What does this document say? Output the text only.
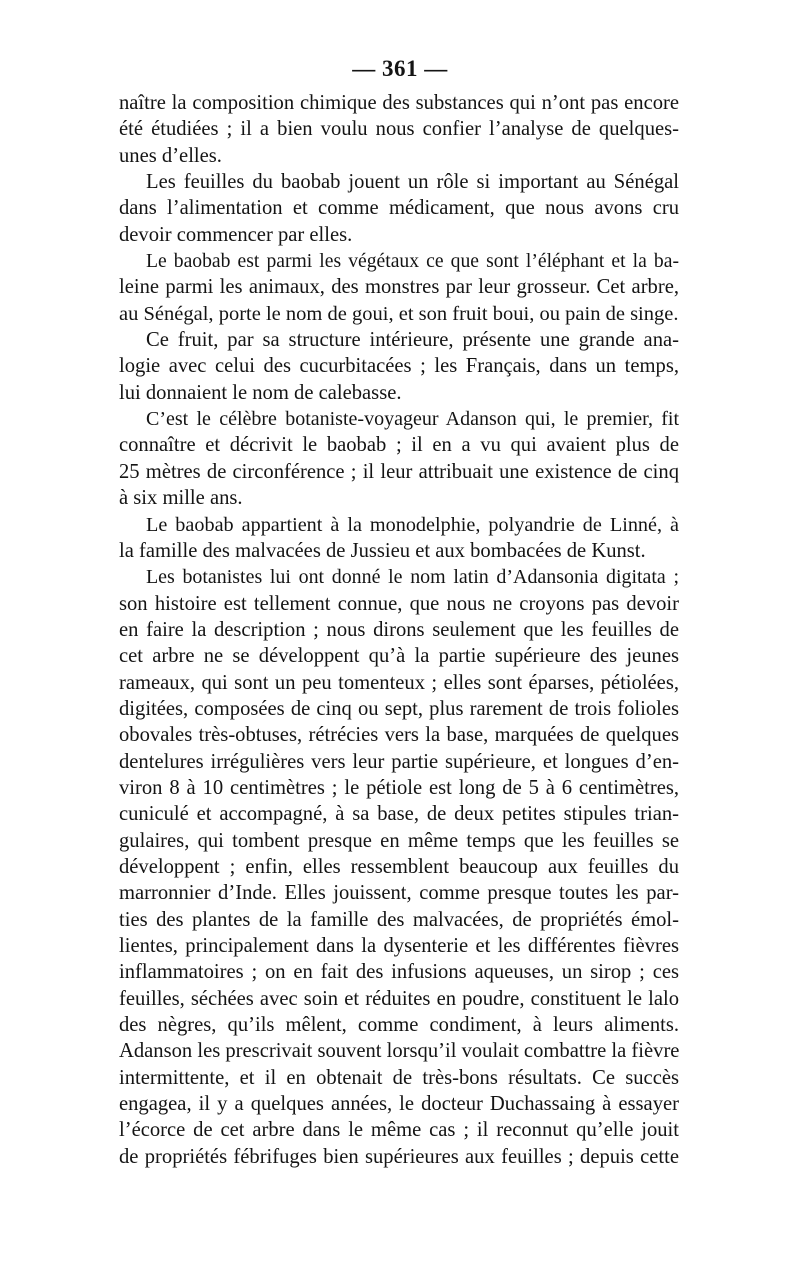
— 361 —
naître la composition chimique des substances qui n’ont pas encore
été étudiées ; il a bien voulu nous confier l’analyse de quelques-
unes d’elles.
Les feuilles du baobab jouent un rôle si important au Sénégal
dans l’alimentation et comme médicament, que nous avons cru
devoir commencer par elles.
Le baobab est parmi les végétaux ce que sont l’éléphant et la ba-
leine parmi les animaux, des monstres par leur grosseur. Cet arbre,
au Sénégal, porte le nom de goui, et son fruit boui, ou pain de singe.
Ce fruit, par sa structure intérieure, présente une grande ana-
logie avec celui des cucurbitacées ; les Français, dans un temps,
lui donnaient le nom de calebasse.
C’est le célèbre botaniste-voyageur Adanson qui, le premier, fit
connaître et décrivit le baobab ; il en a vu qui avaient plus de
25 mètres de circonférence ; il leur attribuait une existence de cinq
à six mille ans.
Le baobab appartient à la monodelphie, polyandrie de Linné, à
la famille des malvacées de Jussieu et aux bombacées de Kunst.
Les botanistes lui ont donné le nom latin d’Adansonia digitata ;
son histoire est tellement connue, que nous ne croyons pas devoir
en faire la description ; nous dirons seulement que les feuilles de
cet arbre ne se développent qu’à la partie supérieure des jeunes
rameaux, qui sont un peu tomenteux ; elles sont éparses, pétiolées,
digitées, composées de cinq ou sept, plus rarement de trois folioles
obovales très-obtuses, rétrécies vers la base, marquées de quelques
dentelures irrégulières vers leur partie supérieure, et longues d’en-
viron 8 à 10 centimètres ; le pétiole est long de 5 à 6 centimètres,
cuniculé et accompagné, à sa base, de deux petites stipules trian-
gulaires, qui tombent presque en même temps que les feuilles se
développent ; enfin, elles ressemblent beaucoup aux feuilles du
marronnier d’Inde. Elles jouissent, comme presque toutes les par-
ties des plantes de la famille des malvacées, de propriétés émol-
lientes, principalement dans la dysenterie et les différentes fièvres
inflammatoires ; on en fait des infusions aqueuses, un sirop ; ces
feuilles, séchées avec soin et réduites en poudre, constituent le lalo
des nègres, qu’ils mêlent, comme condiment, à leurs aliments.
Adanson les prescrivait souvent lorsqu’il voulait combattre la fièvre
intermittente, et il en obtenait de très-bons résultats. Ce succès
engagea, il y a quelques années, le docteur Duchassaing à essayer
l’écorce de cet arbre dans le même cas ; il reconnut qu’elle jouit
de propriétés fébrifuges bien supérieures aux feuilles ; depuis cette
